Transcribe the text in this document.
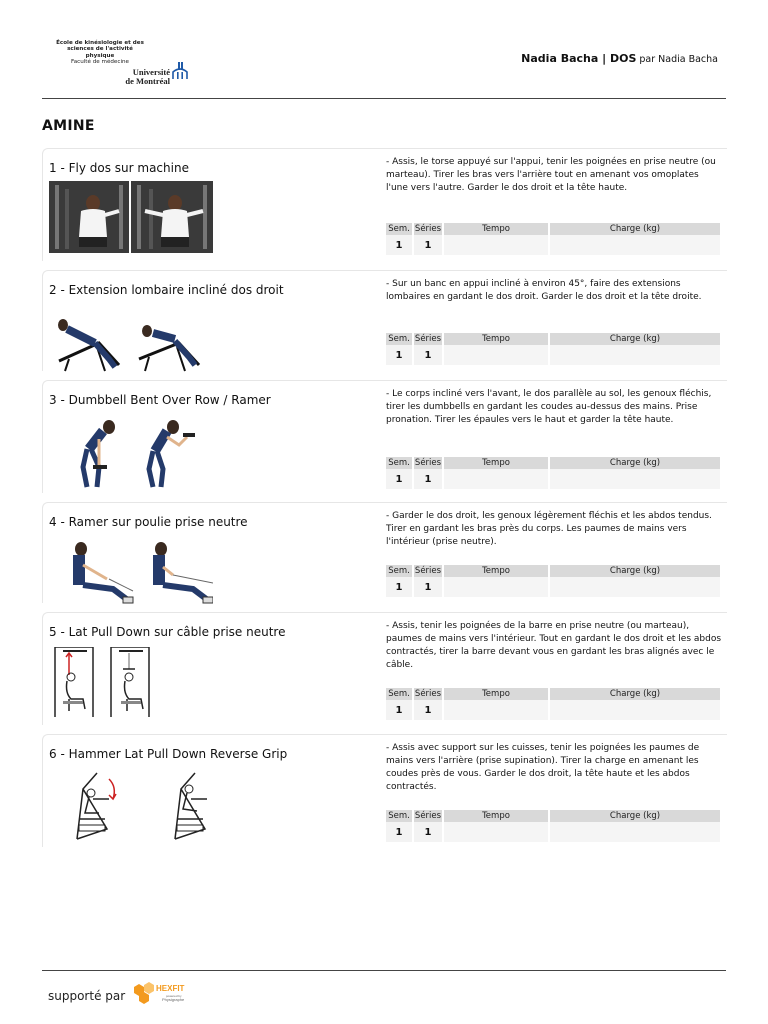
École de kinésiologie et des sciences de l'activité physique
Faculté de médecine
Université
de Montréal
Nadia Bacha | DOS par Nadia Bacha
AMINE
1 - Fly dos sur machine	- Assis, le torse appuyé sur l'appui, tenir les poignées en prise neutre (ou marteau). Tirer les bras vers l'arrière tout en amenant vos omoplates l'une vers l'autre. Garder le dos droit et la tête haute.
Sem.	Séries	Tempo	Charge (kg)
1	1		
2 - Extension lombaire incliné dos droit	- Sur un banc en appui incliné à environ 45°, faire des extensions lombaires en gardant le dos droit. Garder le dos droit et la tête droite.
Sem.	Séries	Tempo	Charge (kg)
1	1		
3 - Dumbbell Bent Over Row / Ramer	- Le corps incliné vers l'avant, le dos parallèle au sol, les genoux fléchis, tirer les dumbbells en gardant les coudes au-dessus des mains. Prise pronation. Tirer les épaules vers le haut et garder la tête haute.
Sem.	Séries	Tempo	Charge (kg)
1	1		
4 - Ramer sur poulie prise neutre	- Garder le dos droit, les genoux légèrement fléchis et les abdos tendus. Tirer en gardant les bras près du corps. Les paumes de mains vers l'intérieur (prise neutre).
Sem.	Séries	Tempo	Charge (kg)
1	1		
5 - Lat Pull Down sur câble prise neutre	- Assis, tenir les poignées de la barre en prise neutre (ou marteau), paumes de mains vers l'intérieur. Tout en gardant le dos droit et les abdos contractés, tirer la barre devant vous en gardant les bras alignés avec le câble.
Sem.	Séries	Tempo	Charge (kg)
1	1		
6 - Hammer Lat Pull Down Reverse Grip	- Assis avec support sur les cuisses, tenir les poignées les paumes de mains vers l'arrière (prise supination). Tirer la charge en amenant les coudes près de vous. Garder le dos droit, la tête haute et les abdos contractés.
Sem.	Séries	Tempo	Charge (kg)
1	1		
supporté par
HEXFIT
powered by
Physigraphe
